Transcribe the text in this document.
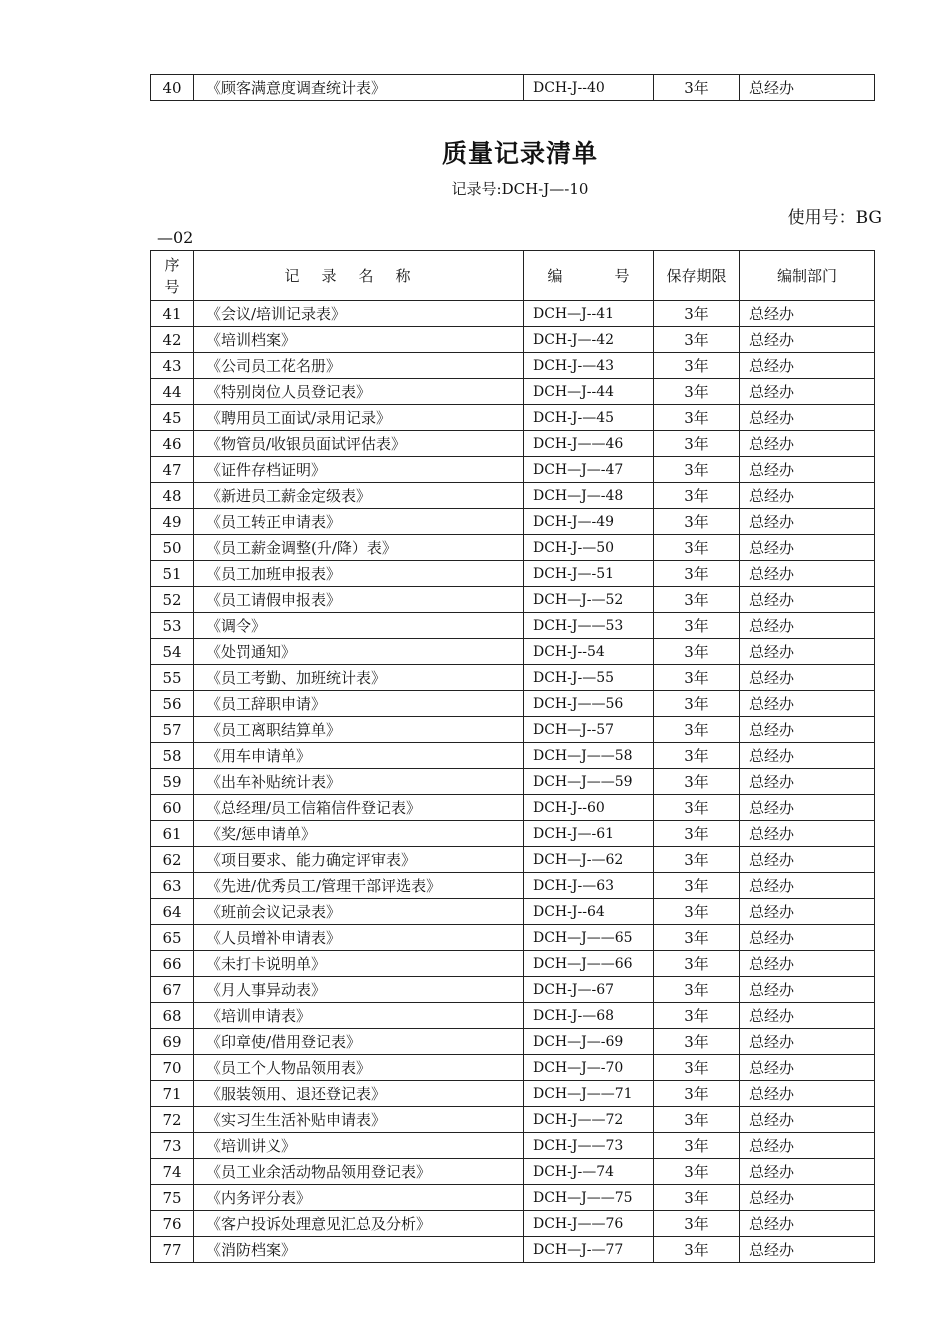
40	《顾客满意度调查统计表》	DCH-J--40	3年	总经办
质量记录清单
记录号:DCH-J—-10
使用号：BG
—02
序
号	记录名称	编 号	保存期限	编制部门
41	《会议/培训记录表》	DCH—J--41	3年	总经办
42	《培训档案》	DCH-J—-42	3年	总经办
43	《公司员工花名册》	DCH-J-—43	3年	总经办
44	《特别岗位人员登记表》	DCH—J--44	3年	总经办
45	《聘用员工面试/录用记录》	DCH-J-—45	3年	总经办
46	《物管员/收银员面试评估表》	DCH-J——46	3年	总经办
47	《证件存档证明》	DCH—J—-47	3年	总经办
48	《新进员工薪金定级表》	DCH—J—-48	3年	总经办
49	《员工转正申请表》	DCH-J—-49	3年	总经办
50	《员工薪金调整(升/降）表》	DCH-J-—50	3年	总经办
51	《员工加班申报表》	DCH-J—-51	3年	总经办
52	《员工请假申报表》	DCH—J-—52	3年	总经办
53	《调令》	DCH-J——53	3年	总经办
54	《处罚通知》	DCH-J--54	3年	总经办
55	《员工考勤、加班统计表》	DCH-J-—55	3年	总经办
56	《员工辞职申请》	DCH-J——56	3年	总经办
57	《员工离职结算单》	DCH—J--57	3年	总经办
58	《用车申请单》	DCH—J——58	3年	总经办
59	《出车补贴统计表》	DCH—J——59	3年	总经办
60	《总经理/员工信箱信件登记表》	DCH-J--60	3年	总经办
61	《奖/惩申请单》	DCH-J—-61	3年	总经办
62	《项目要求、能力确定评审表》	DCH—J-—62	3年	总经办
63	《先进/优秀员工/管理干部评选表》	DCH-J-—63	3年	总经办
64	《班前会议记录表》	DCH-J--64	3年	总经办
65	《人员增补申请表》	DCH—J——65	3年	总经办
66	《未打卡说明单》	DCH—J——66	3年	总经办
67	《月人事异动表》	DCH-J—-67	3年	总经办
68	《培训申请表》	DCH-J-—68	3年	总经办
69	《印章使/借用登记表》	DCH—J—-69	3年	总经办
70	《员工个人物品领用表》	DCH—J—-70	3年	总经办
71	《服装领用、退还登记表》	DCH—J——71	3年	总经办
72	《实习生生活补贴申请表》	DCH-J——72	3年	总经办
73	《培训讲义》	DCH-J——73	3年	总经办
74	《员工业余活动物品领用登记表》	DCH-J-—74	3年	总经办
75	《内务评分表》	DCH—J——75	3年	总经办
76	《客户投诉处理意见汇总及分析》	DCH-J——76	3年	总经办
77	《消防档案》	DCH—J-—77	3年	总经办
